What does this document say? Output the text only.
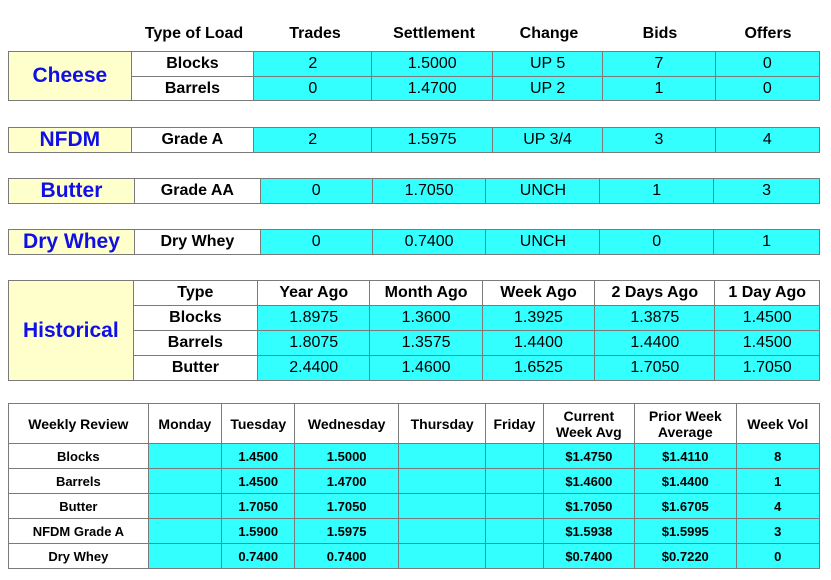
	Type of Load	Trades	Settlement	Change	Bids	Offers
Cheese	Blocks	2	1.5000	UP 5	7	0
	Barrels	0	1.4700	UP 2	1	0
NFDM	Grade A	2	1.5975	UP 3/4	3	4
Butter	Grade AA	0	1.7050	UNCH	1	3
Dry Whey	Dry Whey	0	0.7400	UNCH	0	1
Historical	Type	Year Ago	Month Ago	Week Ago	2 Days Ago	1 Day Ago
	Blocks	1.8975	1.3600	1.3925	1.3875	1.4500
	Barrels	1.8075	1.3575	1.4400	1.4400	1.4500
	Butter	2.4400	1.4600	1.6525	1.7050	1.7050
Weekly Review	Monday	Tuesday	Wednesday	Thursday	Friday	Current Week Avg	Prior Week Average	Week Vol
Blocks		1.4500	1.5000			$1.4750	$1.4110	8
Barrels		1.4500	1.4700			$1.4600	$1.4400	1
Butter		1.7050	1.7050			$1.7050	$1.6705	4
NFDM Grade A		1.5900	1.5975			$1.5938	$1.5995	3
Dry Whey		0.7400	0.7400			$0.7400	$0.7220	0
